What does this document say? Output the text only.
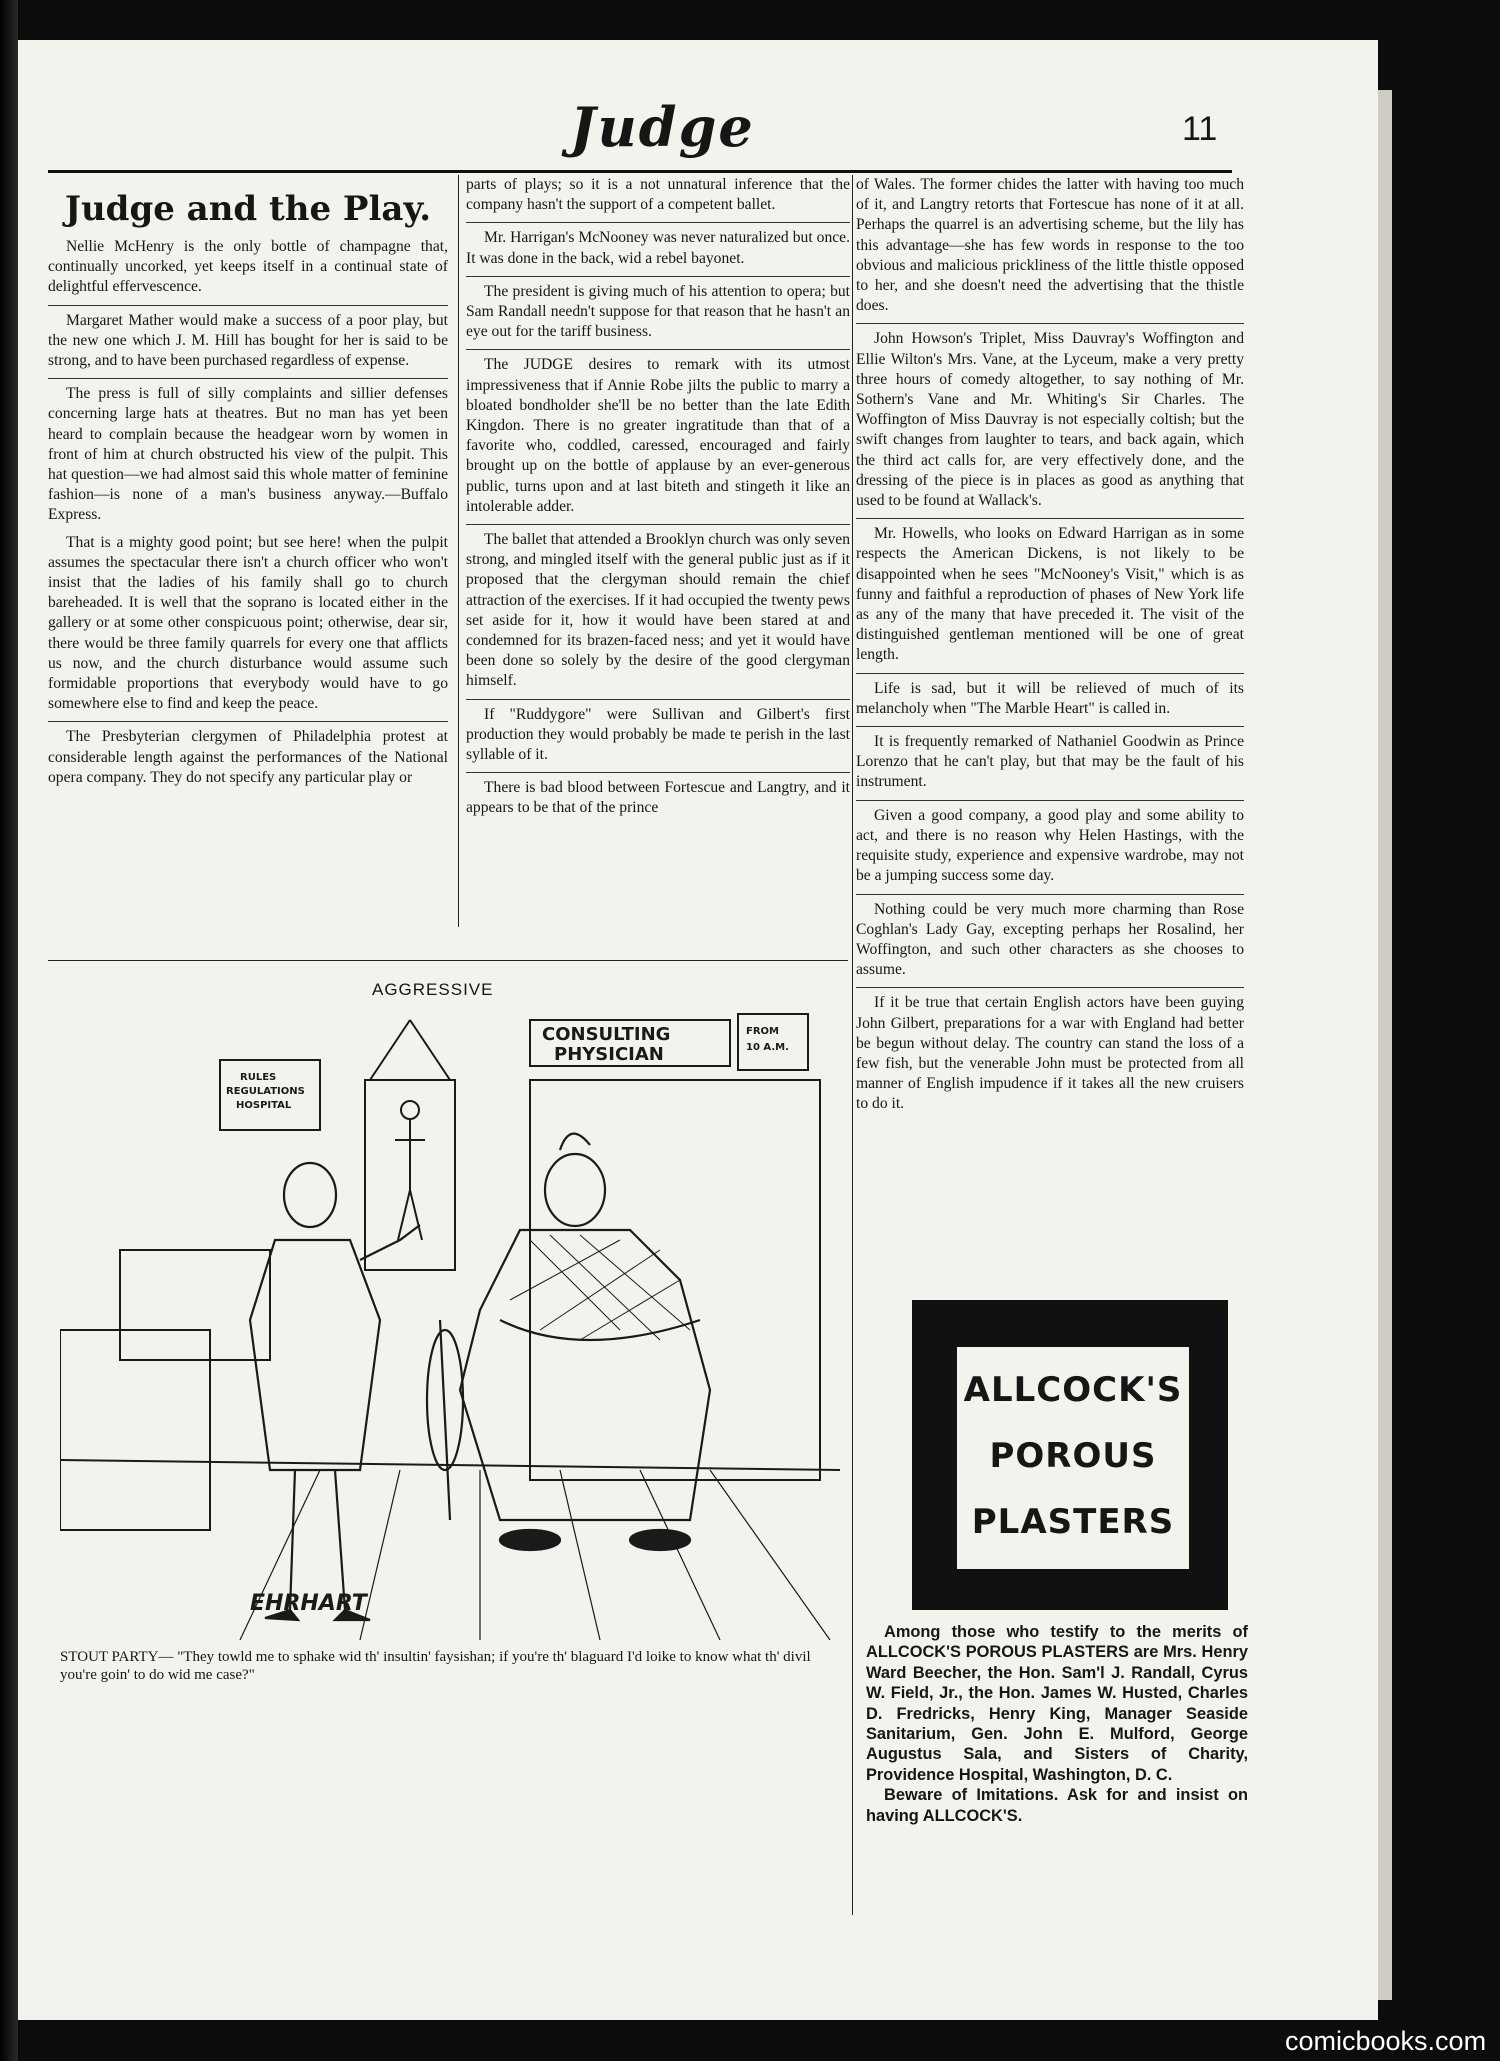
Judge	11
Judge and the Play.

Nellie McHenry is the only bottle of champagne that, continually uncorked, yet keeps itself in a continual state of delightful effervescence.

Margaret Mather would make a success of a poor play, but the new one which J. M. Hill has bought for her is said to be strong, and to have been purchased regardless of expense.

The press is full of silly complaints and sillier defenses concerning large hats at theatres. But no man has yet been heard to complain because the headgear worn by women in front of him at church obstructed his view of the pulpit. This hat question—we had almost said this whole matter of feminine fashion—is none of a man's business anyway.—Buffalo Express.

That is a mighty good point; but see here! when the pulpit assumes the spectacular there isn't a church officer who won't insist that the ladies of his family shall go to church bareheaded. It is well that the soprano is located either in the gallery or at some other conspicuous point; otherwise, dear sir, there would be three family quarrels for every one that afflicts us now, and the church disturbance would assume such formidable proportions that everybody would have to go somewhere else to find and keep the peace.

The Presbyterian clergymen of Philadelphia protest at considerable length against the performances of the National opera company. They do not specify any particular play or

parts of plays; so it is a not unnatural inference that the company hasn't the support of a competent ballet.

Mr. Harrigan's McNooney was never naturalized but once. It was done in the back, wid a rebel bayonet.

The president is giving much of his attention to opera; but Sam Randall needn't suppose for that reason that he hasn't an eye out for the tariff business.

The JUDGE desires to remark with its utmost impressiveness that if Annie Robe jilts the public to marry a bloated bondholder she'll be no better than the late Edith Kingdon. There is no greater ingratitude than that of a favorite who, coddled, caressed, encouraged and fairly brought up on the bottle of applause by an ever-generous public, turns upon and at last biteth and stingeth it like an intolerable adder.

The ballet that attended a Brooklyn church was only seven strong, and mingled itself with the general public just as if it proposed that the clergyman should remain the chief attraction of the exercises. If it had occupied the twenty pews set aside for it, how it would have been stared at and condemned for its brazen-faced ness; and yet it would have been done so solely by the desire of the good clergyman himself.

If "Ruddygore" were Sullivan and Gilbert's first production they would probably be made te perish in the last syllable of it.

There is bad blood between Fortescue and Langtry, and it appears to be that of the prince

of Wales. The former chides the latter with having too much of it, and Langtry retorts that Fortescue has none of it at all. Perhaps the quarrel is an advertising scheme, but the lily has this advantage—she has few words in response to the too obvious and malicious prickliness of the little thistle opposed to her, and she doesn't need the advertising that the thistle does.

John Howson's Triplet, Miss Dauvray's Woffington and Ellie Wilton's Mrs. Vane, at the Lyceum, make a very pretty three hours of comedy altogether, to say nothing of Mr. Sothern's Vane and Mr. Whiting's Sir Charles. The Woffington of Miss Dauvray is not especially coltish; but the swift changes from laughter to tears, and back again, which the third act calls for, are very effectively done, and the dressing of the piece is in places as good as anything that used to be found at Wallack's.

Mr. Howells, who looks on Edward Harrigan as in some respects the American Dickens, is not likely to be disappointed when he sees "McNooney's Visit," which is as funny and faithful a reproduction of phases of New York life as any of the many that have preceded it. The visit of the distinguished gentleman mentioned will be one of great length.

Life is sad, but it will be relieved of much of its melancholy when "The Marble Heart" is called in.

It is frequently remarked of Nathaniel Goodwin as Prince Lorenzo that he can't play, but that may be the fault of his instrument.

Given a good company, a good play and some ability to act, and there is no reason why Helen Hastings, with the requisite study, experience and expensive wardrobe, may not be a jumping success some day.

Nothing could be very much more charming than Rose Coghlan's Lady Gay, excepting perhaps her Rosalind, her Woffington, and such other characters as she chooses to assume.

If it be true that certain English actors have been guying John Gilbert, preparations for a war with England had better be begun without delay. The country can stand the loss of a few fish, but the venerable John must be protected from all manner of English impudence if it takes all the new cruisers to do it.

AGGRESSIVE
CONSULTING
PHYSICIAN
FROM
10 A.M.
RULES
REGULATIONS
HOSPITAL
EHRHART
STOUT PARTY— "They towld me to sphake wid th' insultin' faysishan; if you're th' blaguard I'd loike to know what th' divil you're goin' to do wid me case?"
ALLCOCK'S
POROUS
PLASTERS

Among those who testify to the merits of ALLCOCK'S POROUS PLASTERS are Mrs. Henry Ward Beecher, the Hon. Sam'l J. Randall, Cyrus W. Field, Jr., the Hon. James W. Husted, Charles D. Fredricks, Henry King, Manager Seaside Sanitarium, Gen. John E. Mulford, George Augustus Sala, and Sisters of Charity, Providence Hospital, Washington, D. C.

Beware of Imitations. Ask for and insist on having ALLCOCK'S.

comicbooks.com
